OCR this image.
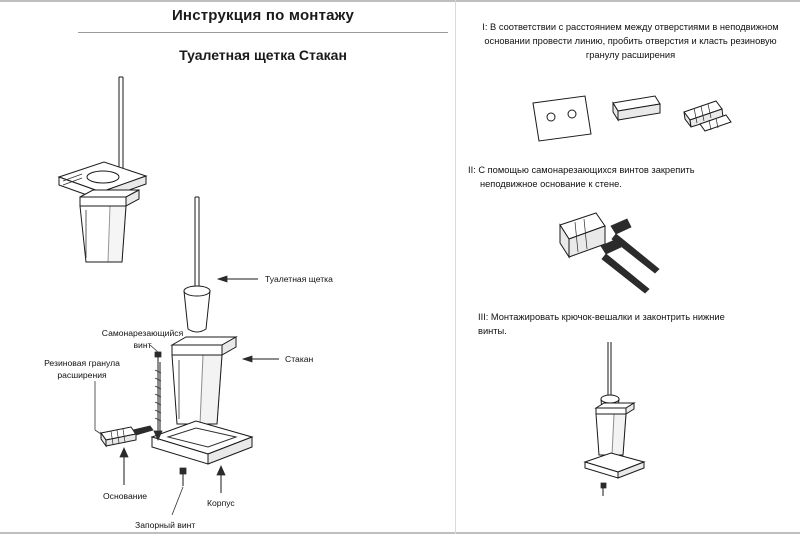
Инструкция по монтажу
Туалетная щетка Стакан
Туалетная щетка
Самонарезающийся винт
Резиновая гранула расширения
Стакан
Основание
Корпус
Запорный винт
I: В соответствии с расстоянием между отверстиями в неподвижном основании провести линию, пробить отверстия и класть резиновую гранулу расширения
II: С помощью самонарезающихся винтов закрепить
неподвижное основание к стене.
III: Монтажировать крючок-вешалки и законтрить нижние винты.
